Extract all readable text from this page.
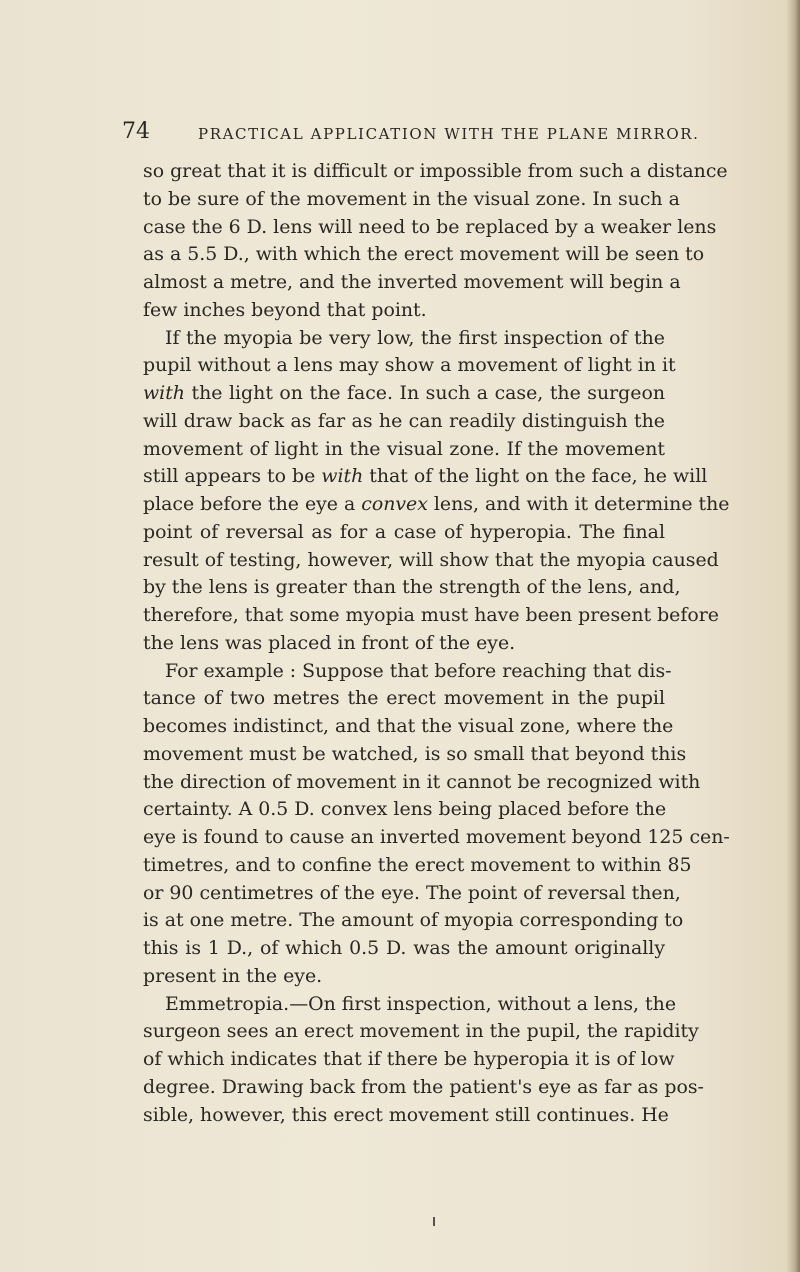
74	PRACTICAL APPLICATION WITH THE PLANE MIRROR.
so great that it is difficult or impossible from such a distance
to be sure of the movement in the visual zone. In such a
case the 6 D. lens will need to be replaced by a weaker lens
as a 5.5 D., with which the erect movement will be seen to
almost a metre, and the inverted movement will begin a
few inches beyond that point.
If the myopia be very low, the first inspection of the
pupil without a lens may show a movement of light in it
with the light on the face. In such a case, the surgeon
will draw back as far as he can readily distinguish the
movement of light in the visual zone. If the movement
still appears to be with that of the light on the face, he will
place before the eye a convex lens, and with it determine the
point of reversal as for a case of hyperopia. The final
result of testing, however, will show that the myopia caused
by the lens is greater than the strength of the lens, and,
therefore, that some myopia must have been present before
the lens was placed in front of the eye.
For example : Suppose that before reaching that dis-
tance of two metres the erect movement in the pupil
becomes indistinct, and that the visual zone, where the
movement must be watched, is so small that beyond this
the direction of movement in it cannot be recognized with
certainty. A 0.5 D. convex lens being placed before the
eye is found to cause an inverted movement beyond 125 cen-
timetres, and to confine the erect movement to within 85
or 90 centimetres of the eye. The point of reversal then,
is at one metre. The amount of myopia corresponding to
this is 1 D., of which 0.5 D. was the amount originally
present in the eye.
Emmetropia.—On first inspection, without a lens, the
surgeon sees an erect movement in the pupil, the rapidity
of which indicates that if there be hyperopia it is of low
degree. Drawing back from the patient's eye as far as pos-
sible, however, this erect movement still continues. He
